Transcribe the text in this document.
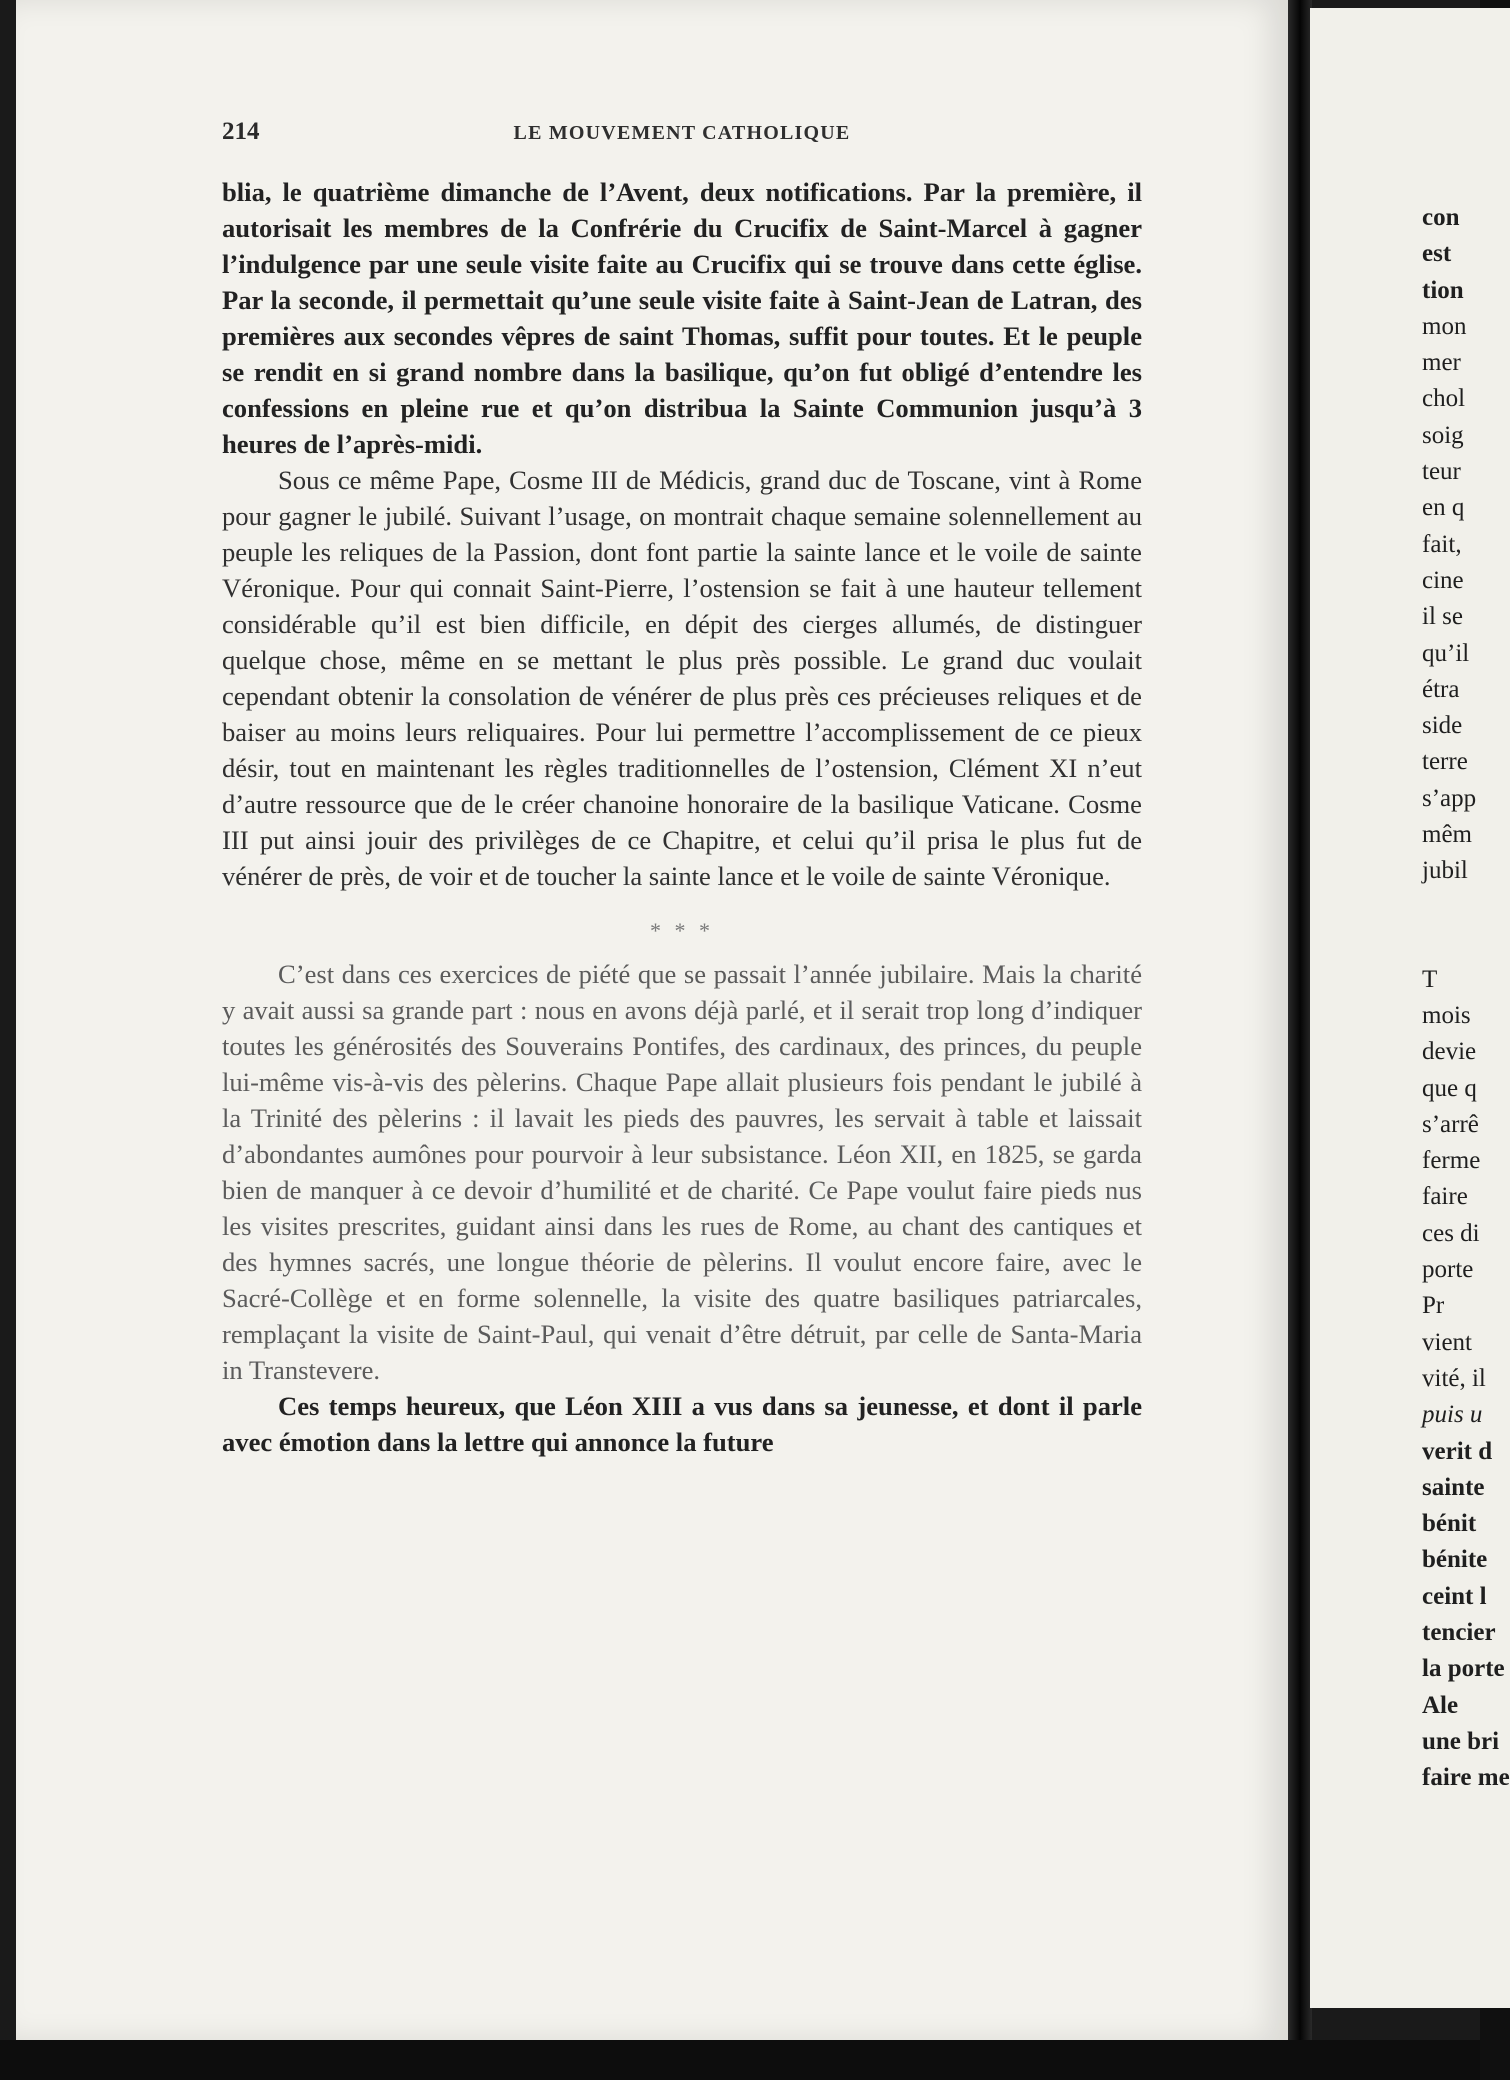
214	LE MOUVEMENT CATHOLIQUE

blia, le quatrième dimanche de l’Avent, deux notifications. Par la première, il autorisait les membres de la Confrérie du Crucifix de Saint-Marcel à gagner l’indulgence par une seule visite faite au Crucifix qui se trouve dans cette église. Par la seconde, il permettait qu’une seule visite faite à Saint-Jean de Latran, des premières aux secondes vêpres de saint Thomas, suffit pour toutes. Et le peuple se rendit en si grand nombre dans la basilique, qu’on fut obligé d’entendre les confessions en pleine rue et qu’on distribua la Sainte Communion jusqu’à 3 heures de l’après-midi.

Sous ce même Pape, Cosme III de Médicis, grand duc de Toscane, vint à Rome pour gagner le jubilé. Suivant l’usage, on montrait chaque semaine solennellement au peuple les reliques de la Passion, dont font partie la sainte lance et le voile de sainte Véronique. Pour qui connait Saint-Pierre, l’ostension se fait à une hauteur tellement considérable qu’il est bien difficile, en dépit des cierges allumés, de distinguer quelque chose, même en se mettant le plus près possible. Le grand duc voulait cependant obtenir la consolation de vénérer de plus près ces précieuses reliques et de baiser au moins leurs reliquaires. Pour lui permettre l’accomplissement de ce pieux désir, tout en maintenant les règles traditionnelles de l’ostension, Clément XI n’eut d’autre ressource que de le créer chanoine honoraire de la basilique Vaticane. Cosme III put ainsi jouir des privilèges de ce Chapitre, et celui qu’il prisa le plus fut de vénérer de près, de voir et de toucher la sainte lance et le voile de sainte Véronique.

* * *

C’est dans ces exercices de piété que se passait l’année jubilaire. Mais la charité y avait aussi sa grande part : nous en avons déjà parlé, et il serait trop long d’indiquer toutes les générosités des Souverains Pontifes, des cardinaux, des princes, du peuple lui-même vis-à-vis des pèlerins. Chaque Pape allait plusieurs fois pendant le jubilé à la Trinité des pèlerins : il lavait les pieds des pauvres, les servait à table et laissait d’abondantes aumônes pour pourvoir à leur subsistance. Léon XII, en 1825, se garda bien de manquer à ce devoir d’humilité et de charité. Ce Pape voulut faire pieds nus les visites prescrites, guidant ainsi dans les rues de Rome, au chant des cantiques et des hymnes sacrés, une longue théorie de pèlerins. Il voulut encore faire, avec le Sacré-Collège et en forme solennelle, la visite des quatre basiliques patriarcales, remplaçant la visite de Saint-Paul, qui venait d’être détruit, par celle de Santa-Maria in Transtevere.

Ces temps heureux, que Léon XIII a vus dans sa jeunesse, et dont il parle avec émotion dans la lettre qui annonce la future

con
est
tion
mon
mer
chol
soig
teur
en q
fait,
cine
il se
qu’il
étra
side
terre
s’app
mêm
jubil
T
mois
devie
que q
s’arrê
ferme
faire
ces di
porte
Pr
vient
vité, il
puis u
verit d
sainte
bénit
bénite
ceint l
tencier
la porte
Ale
une bri
faire me
